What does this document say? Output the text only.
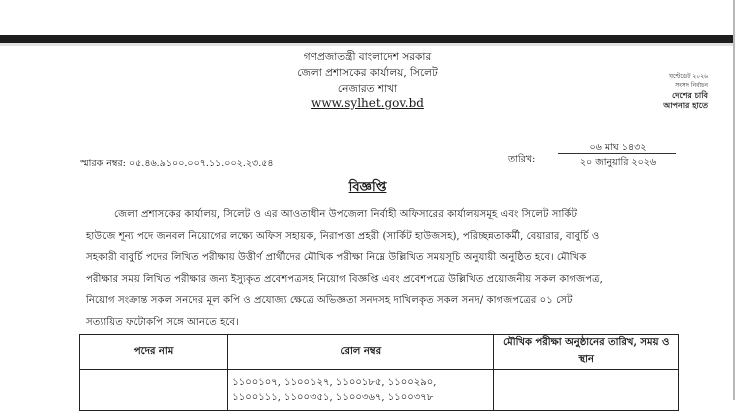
গণপ্রজাতন্ত্রী বাংলাদেশ সরকার
জেলা প্রশাসকের কার্যালয়, সিলেট
নেজারত শাখা
www.sylhet.gov.bd
ঘণ্টেডেট ২০২৬
সংসদ নির্বাচন

দেশের চাবি
আপনার হাতে
স্মারক নম্বর: ০৫.৪৬.৯১০০.০০৭.১১.০০২.২৩.৫৪	তারিখ:
০৬ মাঘ ১৪৩২
২০ জানুয়ারি ২০২৬
বিজ্ঞপ্তি
জেলা প্রশাসকের কার্যালয়, সিলেট ও এর আওতাধীন উপজেলা নির্বাহী অফিসারের কার্যালয়সমূহ এবং সিলেট সার্কিট
হাউজে শূন্য পদে জনবল নিয়োগের লক্ষ্যে অফিস সহায়ক, নিরাপত্তা প্রহরী (সার্কিট হাউজসহ), পরিচ্ছন্নতাকর্মী, বেয়ারার, বাবুর্চি ও
সহকারী বাবুর্চি পদের লিখিত পরীক্ষায় উত্তীর্ণ প্রার্থীদের মৌখিক পরীক্ষা নিম্নে উল্লিখিত সময়সূচি অনুযায়ী অনুষ্ঠিত হবে। মৌখিক
পরীক্ষার সময় লিখিত পরীক্ষার জন্য ইস্যুকৃত প্রবেশপত্রসহ নিয়োগ বিজ্ঞপ্তি এবং প্রবেশপত্রে উল্লিখিত প্রয়োজনীয় সকল কাগজপত্র,
নিয়োগ সংক্রান্ত সকল সনদের মূল কপি ও প্রযোজ্য ক্ষেত্রে অভিজ্ঞতা সনদসহ দাখিলকৃত সকল সনদ/ কাগজপত্রের ০১ সেট
সত্যায়িত ফটোকপি সঙ্গে আনতে হবে।
পদের নাম	রোল নম্বর	মৌখিক পরীক্ষা অনুষ্ঠানের তারিখ, সময় ও স্থান
	১১০০১০৭, ১১০০১২৭, ১১০০১৮৫, ১১০০২৯০,
১১০০১১১, ১১০০৩৫১, ১১০০৩৬৭, ১১০০৩৭৮	
